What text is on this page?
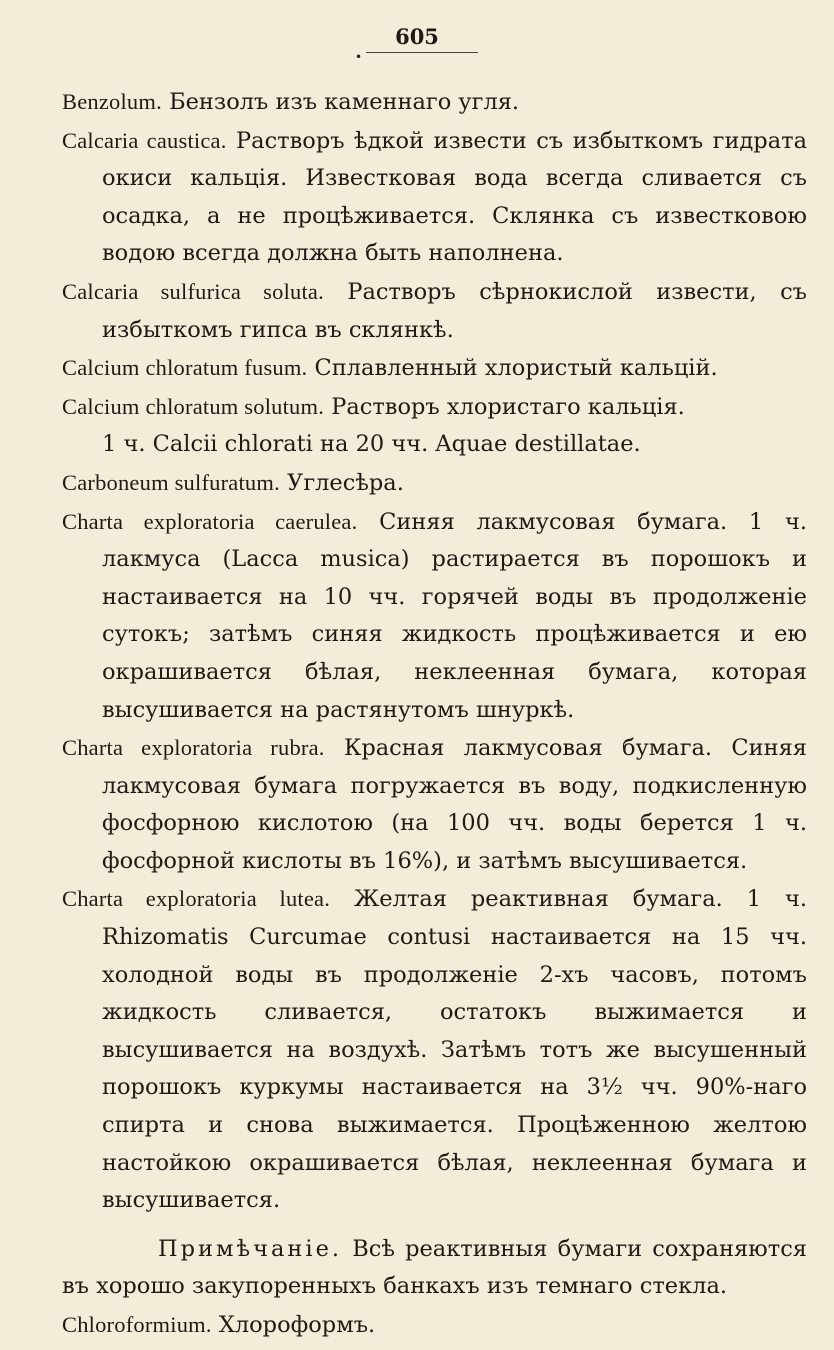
605
•
Benzolum. Бензолъ изъ каменнаго угля.
Calcaria caustica. Растворъ ѣдкой извести съ избыткомъ гидрата окиси кальція. Известковая вода всегда сливается съ осадка, а не процѣживается. Склянка съ известковою водою всегда должна быть наполнена.
Calcaria sulfurica soluta. Растворъ сѣрнокислой извести, съ избыткомъ гипса въ склянкѣ.
Calcium chloratum fusum. Сплавленный хлористый кальцій.
Calcium chloratum solutum. Растворъ хлористаго кальція.
1 ч. Calcii chlorati на 20 чч. Aquae destillatae.
Carboneum sulfuratum. Углесѣра.
Charta exploratoria caerulea. Синяя лакмусовая бумага. 1 ч. лакмуса (Lacca musica) растирается въ порошокъ и настаивается на 10 чч. горячей воды въ продолженіе сутокъ; затѣмъ синяя жидкость процѣживается и ею окрашивается бѣлая, неклеенная бумага, которая высушивается на растянутомъ шнуркѣ.
Charta exploratoria rubra. Красная лакмусовая бумага. Синяя лакмусовая бумага погружается въ воду, подкисленную фосфорною кислотою (на 100 чч. воды берется 1 ч. фосфорной кислоты въ 16%), и затѣмъ высушивается.
Charta exploratoria lutea. Желтая реактивная бумага. 1 ч. Rhizomatis Curcumae contusi настаивается на 15 чч. холодной воды въ продолженіе 2-хъ часовъ, потомъ жидкость сливается, остатокъ выжимается и высушивается на воздухѣ. Затѣмъ тотъ же высушенный порошокъ куркумы настаивается на 3½ чч. 90%-наго спирта и снова выжимается. Процѣженною желтою настойкою окрашивается бѣлая, неклеенная бумага и высушивается.
Примѣчаніе. Всѣ реактивныя бумаги сохраняются въ хорошо закупоренныхъ банкахъ изъ темнаго стекла.
Chloroformium. Хлороформъ.
